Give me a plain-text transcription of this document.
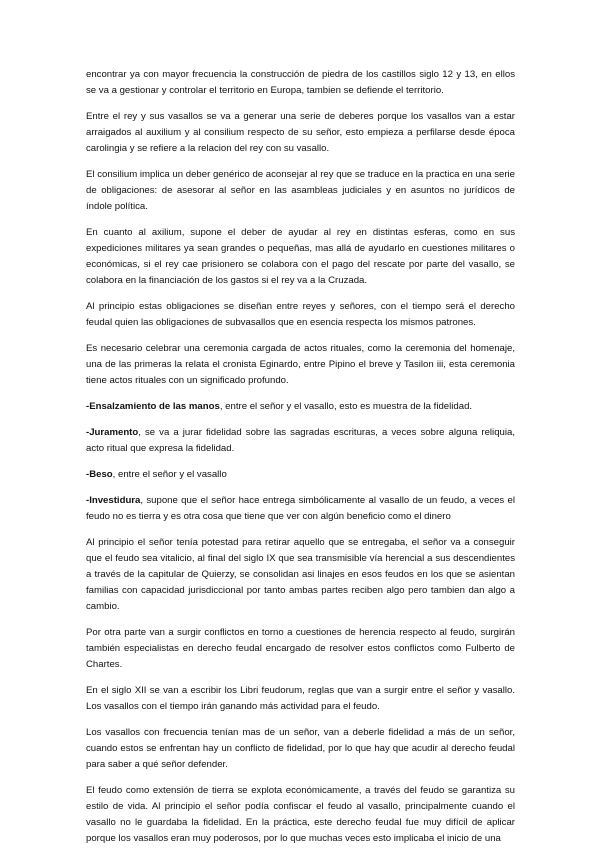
encontrar ya con mayor frecuencia la construcción de piedra de los castillos siglo 12 y 13, en ellos se va a gestionar y controlar el territorio en Europa, tambien se defiende el territorio.

Entre el rey y sus vasallos se va a generar una serie de deberes porque los vasallos van a estar arraigados al auxilium y al consilium respecto de su señor, esto empieza a perfilarse desde época carolingia y se refiere a la relacion del rey con su vasallo.

El consilium implica un deber genérico de aconsejar al rey que se traduce en la practica en una serie de obligaciones: de asesorar al señor en las asambleas judiciales y en asuntos no jurídicos de índole política.

En cuanto al axilium, supone el deber de ayudar al rey en distintas esferas, como en sus expediciones militares ya sean grandes o pequeñas, mas allá de ayudarlo en cuestiones militares o económicas, si el rey cae prisionero se colabora con el pago del rescate por parte del vasallo, se colabora en la financiación de los gastos si el rey va a la Cruzada.

Al principio estas obligaciones se diseñan entre reyes y señores, con el tiempo será el derecho feudal quien las obligaciones de subvasallos que en esencia respecta los mismos patrones.

Es necesario celebrar una ceremonia cargada de actos rituales, como la ceremonia del homenaje, una de las primeras la relata el cronista Eginardo, entre Pipino el breve y Tasilon iii, esta ceremonia tiene actos rituales con un significado profundo.

-Ensalzamiento de las manos, entre el señor y el vasallo, esto es muestra de la fidelidad.

-Juramento, se va a jurar fidelidad sobre las sagradas escrituras, a veces sobre alguna reliquia, acto ritual que expresa la fidelidad.

-Beso, entre el señor y el vasallo

-Investidura, supone que el señor hace entrega simbólicamente al vasallo de un feudo, a veces el feudo no es tierra y es otra cosa que tiene que ver con algún beneficio como el dinero

Al principio el señor tenía potestad para retirar aquello que se entregaba, el señor va a conseguir que el feudo sea vitalicio, al final del siglo IX que sea transmisible vía herencial a sus descendientes a través de la capitular de Quierzy, se consolidan asi linajes en esos feudos en los que se asientan familias con capacidad jurisdiccional por tanto ambas partes reciben algo pero tambien dan algo a cambio.

Por otra parte van a surgir conflictos en torno a cuestiones de herencia respecto al feudo, surgirán también especialistas en derecho feudal encargado de resolver estos conflictos como Fulberto de Chartes.

En el siglo XII se van a escribir los Libri feudorum, reglas que van a surgir entre el señor y vasallo. Los vasallos con el tiempo irán ganando más actividad para el feudo.

Los vasallos con frecuencia tenían mas de un señor, van a deberle fidelidad a más de un señor, cuando estos se enfrentan hay un conflicto de fidelidad, por lo que hay que acudir al derecho feudal para saber a qué señor defender.

El feudo como extensión de tierra se explota económicamente, a través del feudo se garantiza su estilo de vida. Al principio el señor podía confiscar el feudo al vasallo, principalmente cuando el vasallo no le guardaba la fidelidad. En la práctica, este derecho feudal fue muy difícil de aplicar porque los vasallos eran muy poderosos, por lo que muchas veces esto implicaba el inicio de una
